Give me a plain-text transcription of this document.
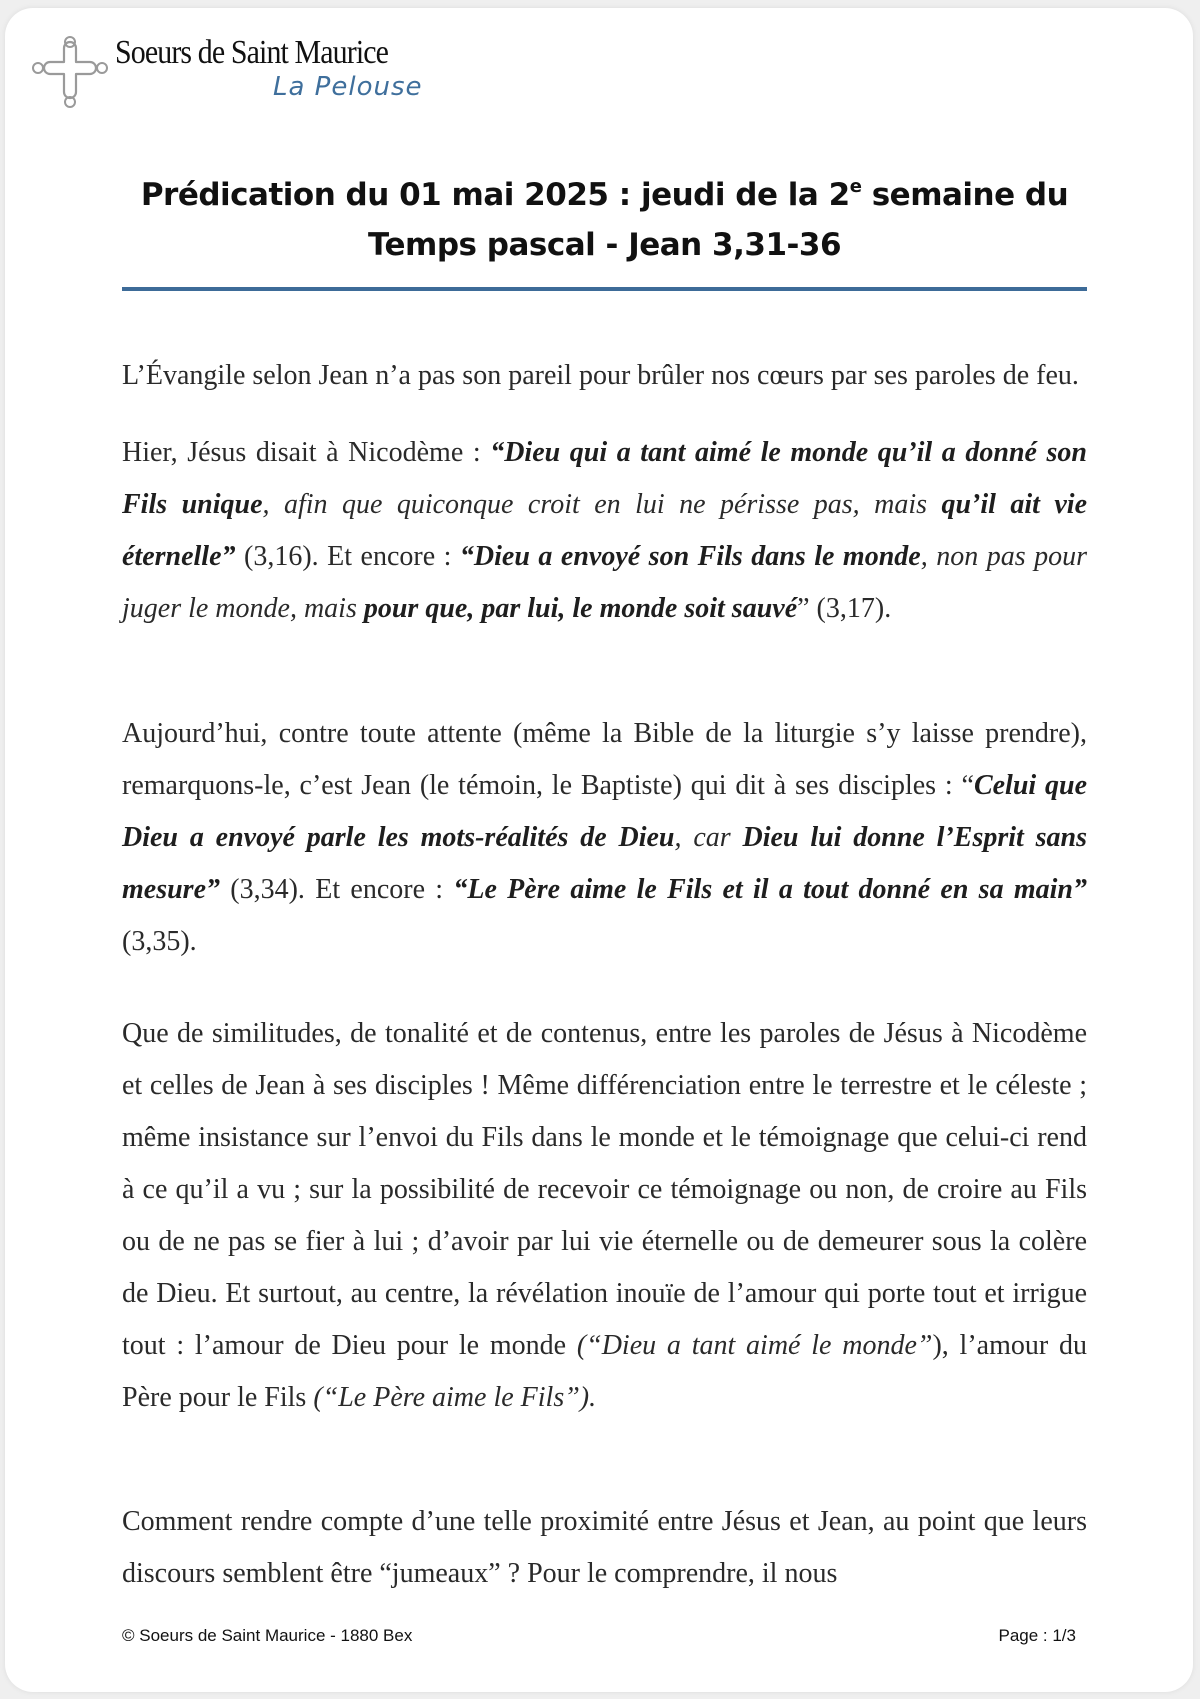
Soeurs de Saint Maurice
La Pelouse
Prédication du 01 mai 2025 : jeudi de la 2e semaine du
Temps pascal - Jean 3,31-36

L’Évangile selon Jean n’a pas son pareil pour brûler nos cœurs par ses paroles de feu.

Hier, Jésus disait à Nicodème : “Dieu qui a tant aimé le monde qu’il a donné son Fils unique, afin que quiconque croit en lui ne périsse pas, mais qu’il ait vie éternelle” (3,16). Et encore : “Dieu a envoyé son Fils dans le monde, non pas pour juger le monde, mais pour que, par lui, le monde soit sauvé” (3,17).

Aujourd’hui, contre toute attente (même la Bible de la liturgie s’y laisse prendre), remarquons-le, c’est Jean (le témoin, le Baptiste) qui dit à ses disciples : “Celui que Dieu a envoyé parle les mots-réalités de Dieu, car Dieu lui donne l’Esprit sans mesure” (3,34). Et encore : “Le Père aime le Fils et il a tout donné en sa main” (3,35).

Que de similitudes, de tonalité et de contenus, entre les paroles de Jésus à Nicodème et celles de Jean à ses disciples ! Même différenciation entre le terrestre et le céleste ; même insistance sur l’envoi du Fils dans le monde et le témoignage que celui-ci rend à ce qu’il a vu ; sur la possibilité de recevoir ce témoignage ou non, de croire au Fils ou de ne pas se fier à lui ; d’avoir par lui vie éternelle ou de demeurer sous la colère de Dieu. Et surtout, au centre, la révélation inouïe de l’amour qui porte tout et irrigue tout : l’amour de Dieu pour le monde (“Dieu a tant aimé le monde”), l’amour du Père pour le Fils (“Le Père aime le Fils”).

Comment rendre compte d’une telle proximité entre Jésus et Jean, au point que leurs discours semblent être “jumeaux” ? Pour le comprendre, il nous

© Soeurs de Saint Maurice - 1880 Bex	Page : 1/3
